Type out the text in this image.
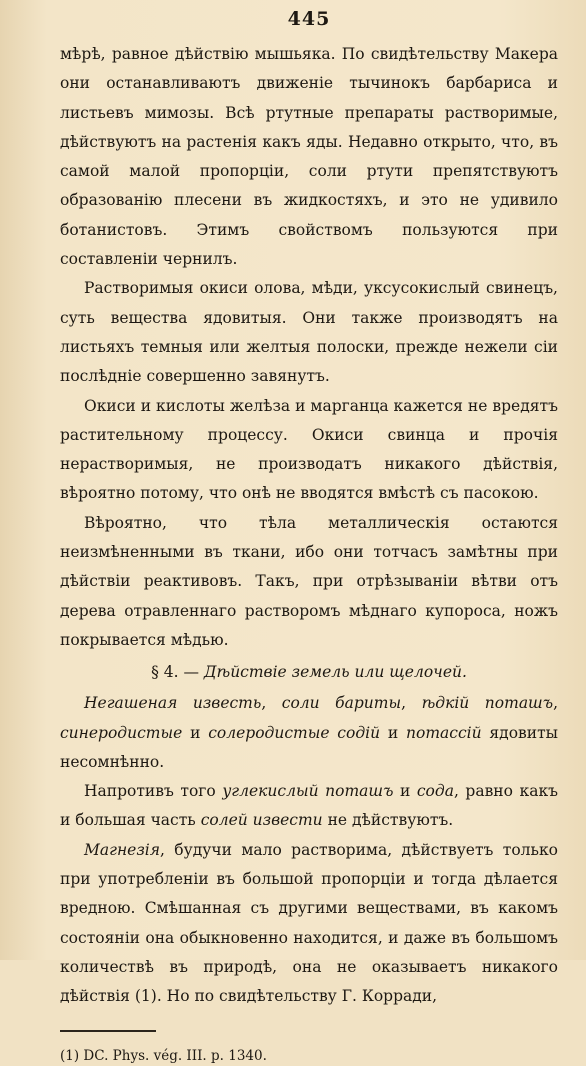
445

мѣрѣ, равное дѣйствію мышьяка. По свидѣтельству Макера они останавливаютъ движеніе тычинокъ барбариса и листьевъ мимозы. Всѣ ртутные препараты растворимые, дѣйствуютъ на растенія какъ яды. Недавно открыто, что, въ самой малой пропорціи, соли ртути препятствуютъ образованію плесени въ жидкостяхъ, и это не удивило ботанистовъ. Этимъ свойствомъ пользуются при составленіи чернилъ.

Растворимыя окиси олова, мѣди, уксусокислый свинецъ, суть вещества ядовитыя. Они также производятъ на листьяхъ темныя или желтыя полоски, прежде нежели сіи послѣдніе совершенно завянутъ.

Окиси и кислоты желѣза и марганца кажется не вредятъ растительному процессу. Окиси свинца и прочія нерастворимыя, не производатъ никакого дѣйствія, вѣроятно потому, что онѣ не вводятся вмѣстѣ съ пасокою.

Вѣроятно, что тѣла металлическія остаются неизмѣненными въ ткани, ибо они тотчасъ замѣтны при дѣйствіи реактивовъ. Такъ, при отрѣзываніи вѣтви отъ дерева отравленнаго растворомъ мѣднаго купороса, ножъ покрывается мѣдью.

§ 4. — Дѣйствіе земель или щелочей.

Негашеная известь, соли бариты, ѣдкій поташъ, синеродистые и солеродистые содій и потассій ядовиты несомнѣнно.

Напротивъ того углекислый поташъ и сода, равно какъ и большая часть солей извести не дѣйствуютъ.

Магнезія, будучи мало растворима, дѣйствуетъ только при употребленіи въ большой пропорціи и тогда дѣлается вредною. Смѣшанная съ другими веществами, въ какомъ состояніи она обыкновенно находится, и даже въ большомъ количествѣ въ природѣ, она не оказываетъ никакого дѣйствія (1). Но по свидѣтельству Г. Корради,

(1) DC. Phys. vég. III. p. 1340.
